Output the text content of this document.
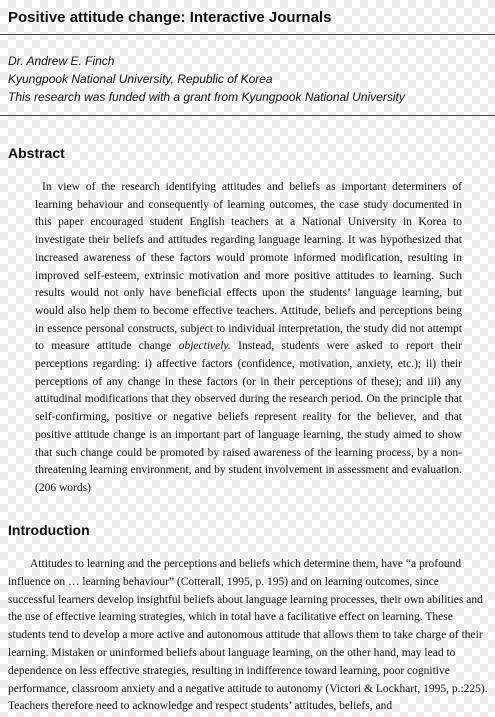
Positive attitude change: Interactive Journals

Dr. Andrew E. Finch

Kyungpook National University, Republic of Korea

This research was funded with a grant from Kyungpook National University

Abstract

In view of the research identifying attitudes and beliefs as important determiners of learning behaviour and consequently of learning outcomes, the case study documented in this paper encouraged student English teachers at a National University in Korea to investigate their beliefs and attitudes regarding language learning. It was hypothesized that increased awareness of these factors would promote informed modification, resulting in improved self-esteem, extrinsic motivation and more positive attitudes to learning. Such results would not only have beneficial effects upon the students’ language learning, but would also help them to become effective teachers. Attitude, beliefs and perceptions being in essence personal constructs, subject to individual interpretation, the study did not attempt to measure attitude change objectively. Instead, students were asked to report their perceptions regarding: i) affective factors (confidence, motivation, anxiety, etc.); ii) their perceptions of any change in these factors (or in their perceptions of these); and iii) any attitudinal modifications that they observed during the research period. On the principle that self-confirming, positive or negative beliefs represent reality for the believer, and that positive attitude change is an important part of language learning, the study aimed to show that such change could be promoted by raised awareness of the learning process, by a non-threatening learning environment, and by student involvement in assessment and evaluation. (206 words)

Introduction

Attitudes to learning and the perceptions and beliefs which determine them, have “a profound influence on … learning behaviour” (Cotterall, 1995, p. 195) and on learning outcomes, since successful learners develop insightful beliefs about language learning processes, their own abilities and the use of effective learning strategies, which in total have a facilitative effect on learning. These students tend to develop a more active and autonomous attitude that allows them to take charge of their learning. Mistaken or uninformed beliefs about language learning, on the other hand, may lead to dependence on less effective strategies, resulting in indifference toward learning, poor cognitive performance, classroom anxiety and a negative attitude to autonomy (Victori & Lockhart, 1995, p.:225). Teachers therefore need to acknowledge and respect students’ attitudes, beliefs, and
